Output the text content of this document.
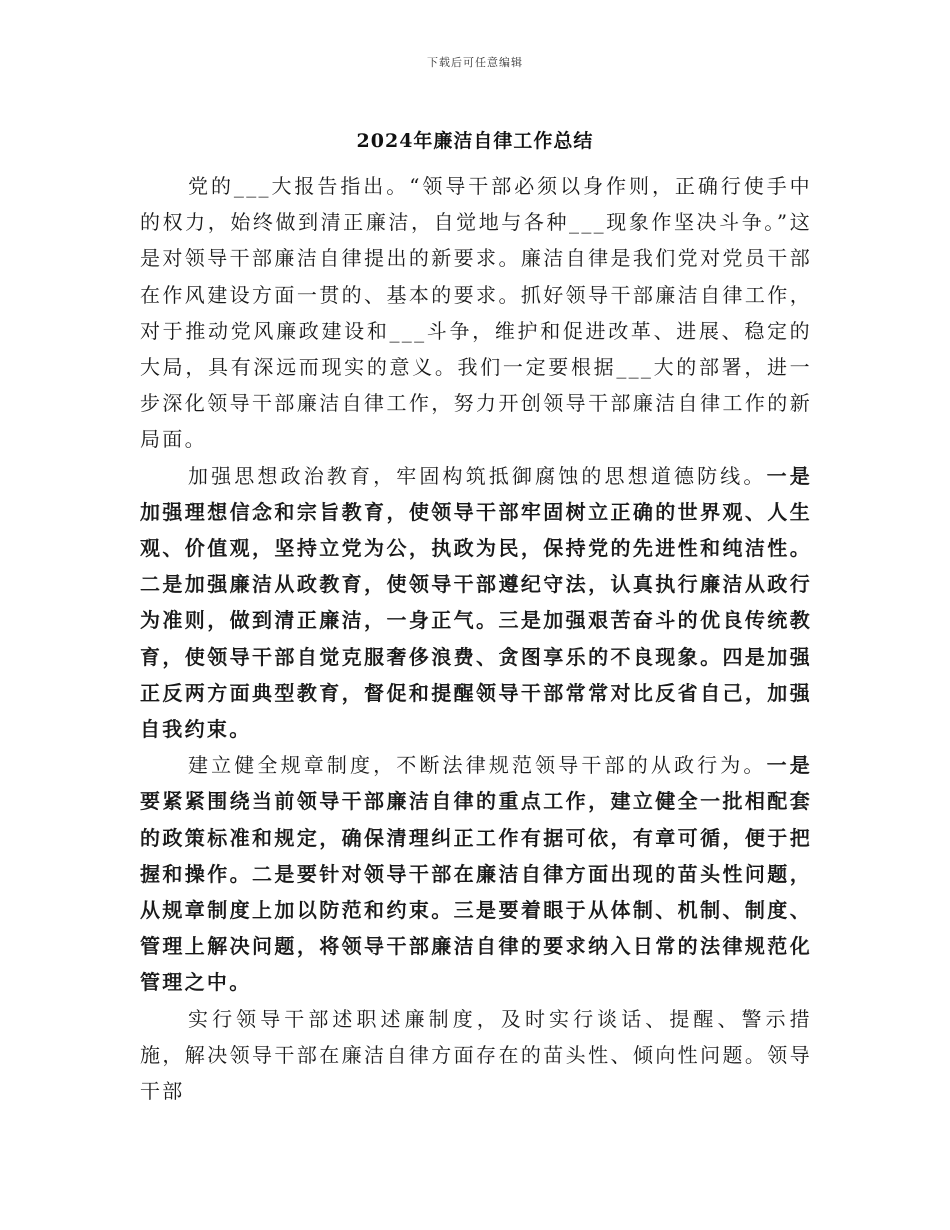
下载后可任意编辑
2024年廉洁自律工作总结

党的___大报告指出。“领导干部必须以身作则，正确行使手中的权力，始终做到清正廉洁，自觉地与各种___现象作坚决斗争。”这是对领导干部廉洁自律提出的新要求。廉洁自律是我们党对党员干部在作风建设方面一贯的、基本的要求。抓好领导干部廉洁自律工作，对于推动党风廉政建设和___斗争，维护和促进改革、进展、稳定的大局，具有深远而现实的意义。我们一定要根据___大的部署，进一步深化领导干部廉洁自律工作，努力开创领导干部廉洁自律工作的新局面。

加强思想政治教育，牢固构筑抵御腐蚀的思想道德防线。一是加强理想信念和宗旨教育，使领导干部牢固树立正确的世界观、人生观、价值观，坚持立党为公，执政为民，保持党的先进性和纯洁性。二是加强廉洁从政教育，使领导干部遵纪守法，认真执行廉洁从政行为准则，做到清正廉洁，一身正气。三是加强艰苦奋斗的优良传统教育，使领导干部自觉克服奢侈浪费、贪图享乐的不良现象。四是加强正反两方面典型教育，督促和提醒领导干部常常对比反省自己，加强自我约束。

建立健全规章制度，不断法律规范领导干部的从政行为。一是要紧紧围绕当前领导干部廉洁自律的重点工作，建立健全一批相配套的政策标准和规定，确保清理纠正工作有据可依，有章可循，便于把握和操作。二是要针对领导干部在廉洁自律方面出现的苗头性问题，从规章制度上加以防范和约束。三是要着眼于从体制、机制、制度、管理上解决问题，将领导干部廉洁自律的要求纳入日常的法律规范化管理之中。

实行领导干部述职述廉制度，及时实行谈话、提醒、警示措施，解决领导干部在廉洁自律方面存在的苗头性、倾向性问题。领导干部
